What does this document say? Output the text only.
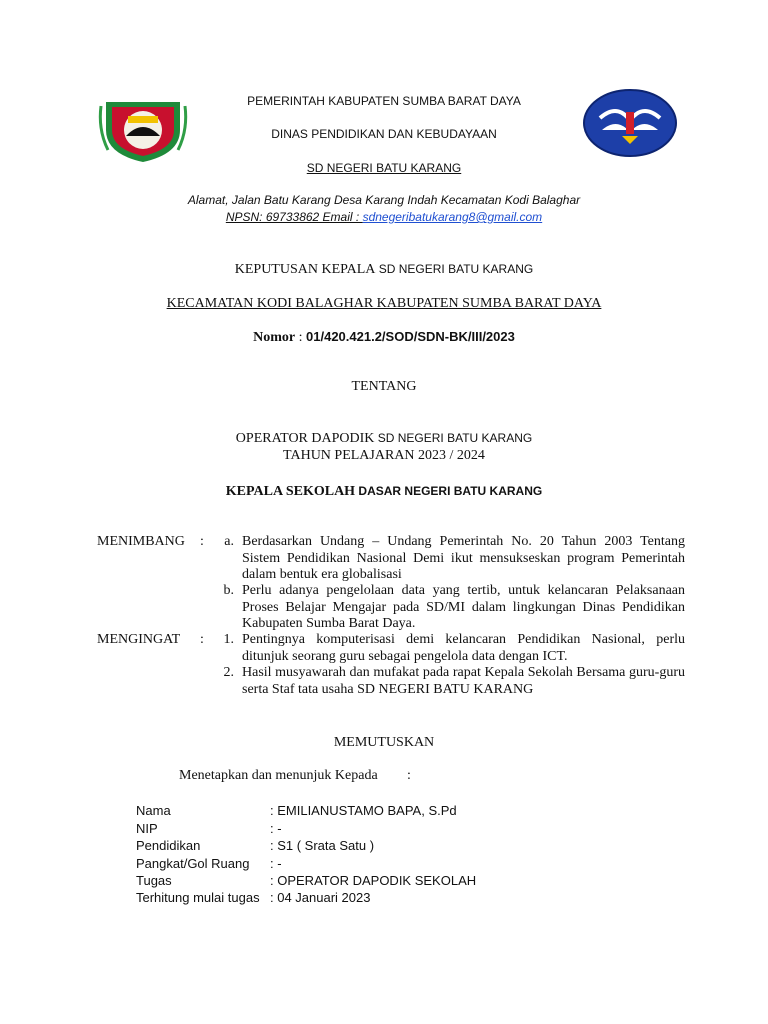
PEMERINTAH KABUPATEN SUMBA BARAT DAYA
DINAS PENDIDIKAN DAN KEBUDAYAAN
SD NEGERI BATU KARANG
Alamat, Jalan Batu Karang Desa Karang Indah Kecamatan Kodi Balaghar
NPSN: 69733862 Email : sdnegeribatukarang8@gmail.com
KEPUTUSAN KEPALA SD NEGERI BATU KARANG
KECAMATAN KODI BALAGHAR KABUPATEN SUMBA BARAT DAYA
Nomor : 01/420.421.2/SOD/SDN-BK/III/2023
TENTANG
OPERATOR DAPODIK SD NEGERI BATU KARANG
TAHUN PELAJARAN 2023 / 2024
KEPALA SEKOLAH DASAR NEGERI BATU KARANG
MENIMBANG :	a. Berdasarkan Undang – Undang Pemerintah No. 20 Tahun 2003 Tentang Sistem Pendidikan Nasional Demi ikut mensukseskan program Pemerintah dalam bentuk era globalisasi
b. Perlu adanya pengelolaan data yang tertib, untuk kelancaran Pelaksanaan Proses Belajar Mengajar pada SD/MI dalam lingkungan Dinas Pendidikan Kabupaten Sumba Barat Daya.
MENGINGAT :	1. Pentingnya komputerisasi demi kelancaran Pendidikan Nasional, perlu ditunjuk seorang guru sebagai pengelola data dengan ICT.
2. Hasil musyawarah dan mufakat pada rapat Kepala Sekolah Bersama guru-guru serta Staf tata usaha SD NEGERI BATU KARANG
MEMUTUSKAN
Menetapkan dan menunjuk Kepada :
Nama	: EMILIANUSTAMO BAPA, S.Pd
NIP	: -
Pendidikan	: S1 ( Srata Satu )
Pangkat/Gol Ruang : -
Tugas	: OPERATOR DAPODIK SEKOLAH
Terhitung mulai tugas : 04 Januari 2023
